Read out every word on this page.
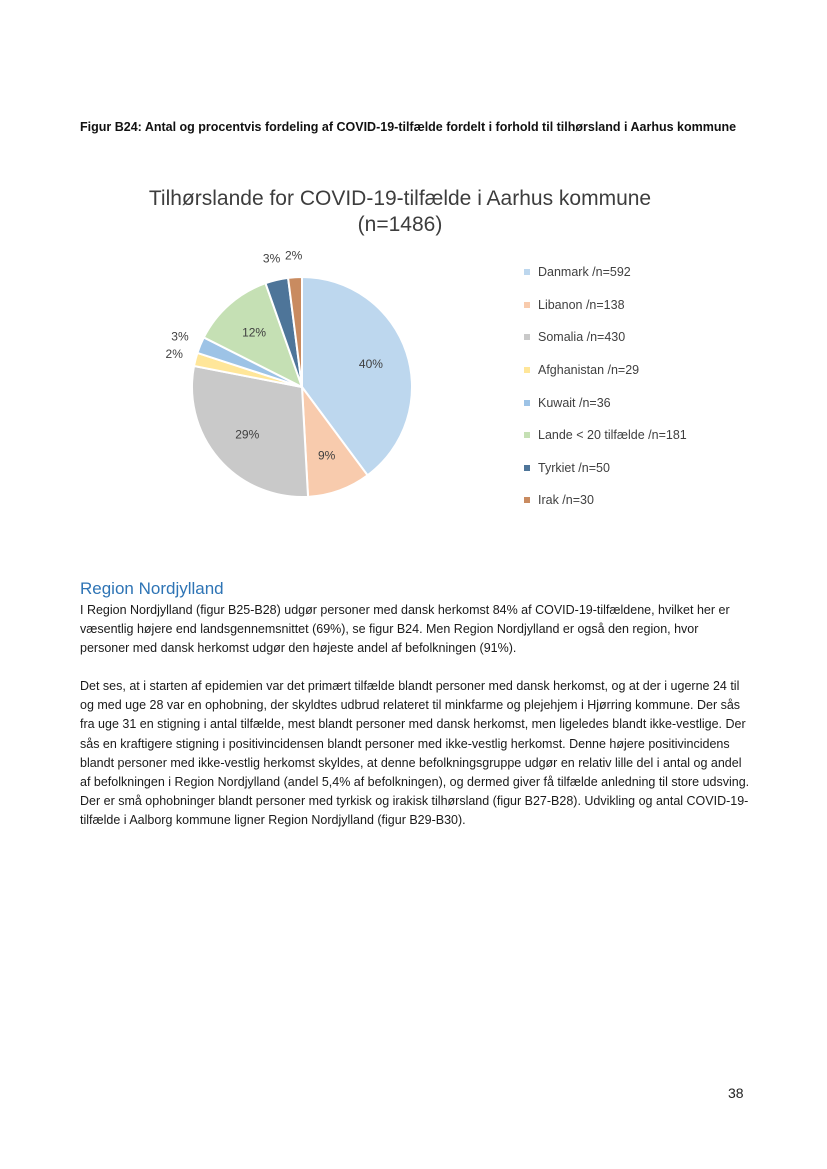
Figur B24: Antal og procentvis fordeling af COVID-19-tilfælde fordelt i forhold til tilhørsland i Aarhus kommune
Tilhørslande for COVID-19-tilfælde i Aarhus kommune
(n=1486)
40%
9%
29%
2%
3%	12%
3% 2%
Danmark /n=592
Libanon /n=138
Somalia /n=430
Afghanistan /n=29
Kuwait /n=36
Lande < 20 tilfælde /n=181
Tyrkiet /n=50
Irak /n=30
Region Nordjylland

I Region Nordjylland (figur B25-B28) udgør personer med dansk herkomst 84% af COVID-19-tilfældene, hvilket her er væsentlig højere end landsgennemsnittet (69%), se figur B24. Men Region Nordjylland er også den region, hvor personer med dansk herkomst udgør den højeste andel af befolkningen (91%).

Det ses, at i starten af epidemien var det primært tilfælde blandt personer med dansk herkomst, og at der i ugerne 24 til og med uge 28 var en ophobning, der skyldtes udbrud relateret til minkfarme og plejehjem i Hjørring kommune. Der sås fra uge 31 en stigning i antal tilfælde, mest blandt personer med dansk herkomst, men ligeledes blandt ikke-vestlige. Der sås en kraftigere stigning i positivincidensen blandt personer med ikke-vestlig herkomst. Denne højere positivincidens blandt personer med ikke-vestlig herkomst skyldes, at denne befolkningsgruppe udgør en relativ lille del i antal og andel af befolkningen i Region Nordjylland (andel 5,4% af befolkningen), og dermed giver få tilfælde anledning til store udsving. Der er små ophobninger blandt personer med tyrkisk og irakisk tilhørsland (figur B27-B28). Udvikling og antal COVID-19-tilfælde i Aalborg kommune ligner Region Nordjylland (figur B29-B30).

38
